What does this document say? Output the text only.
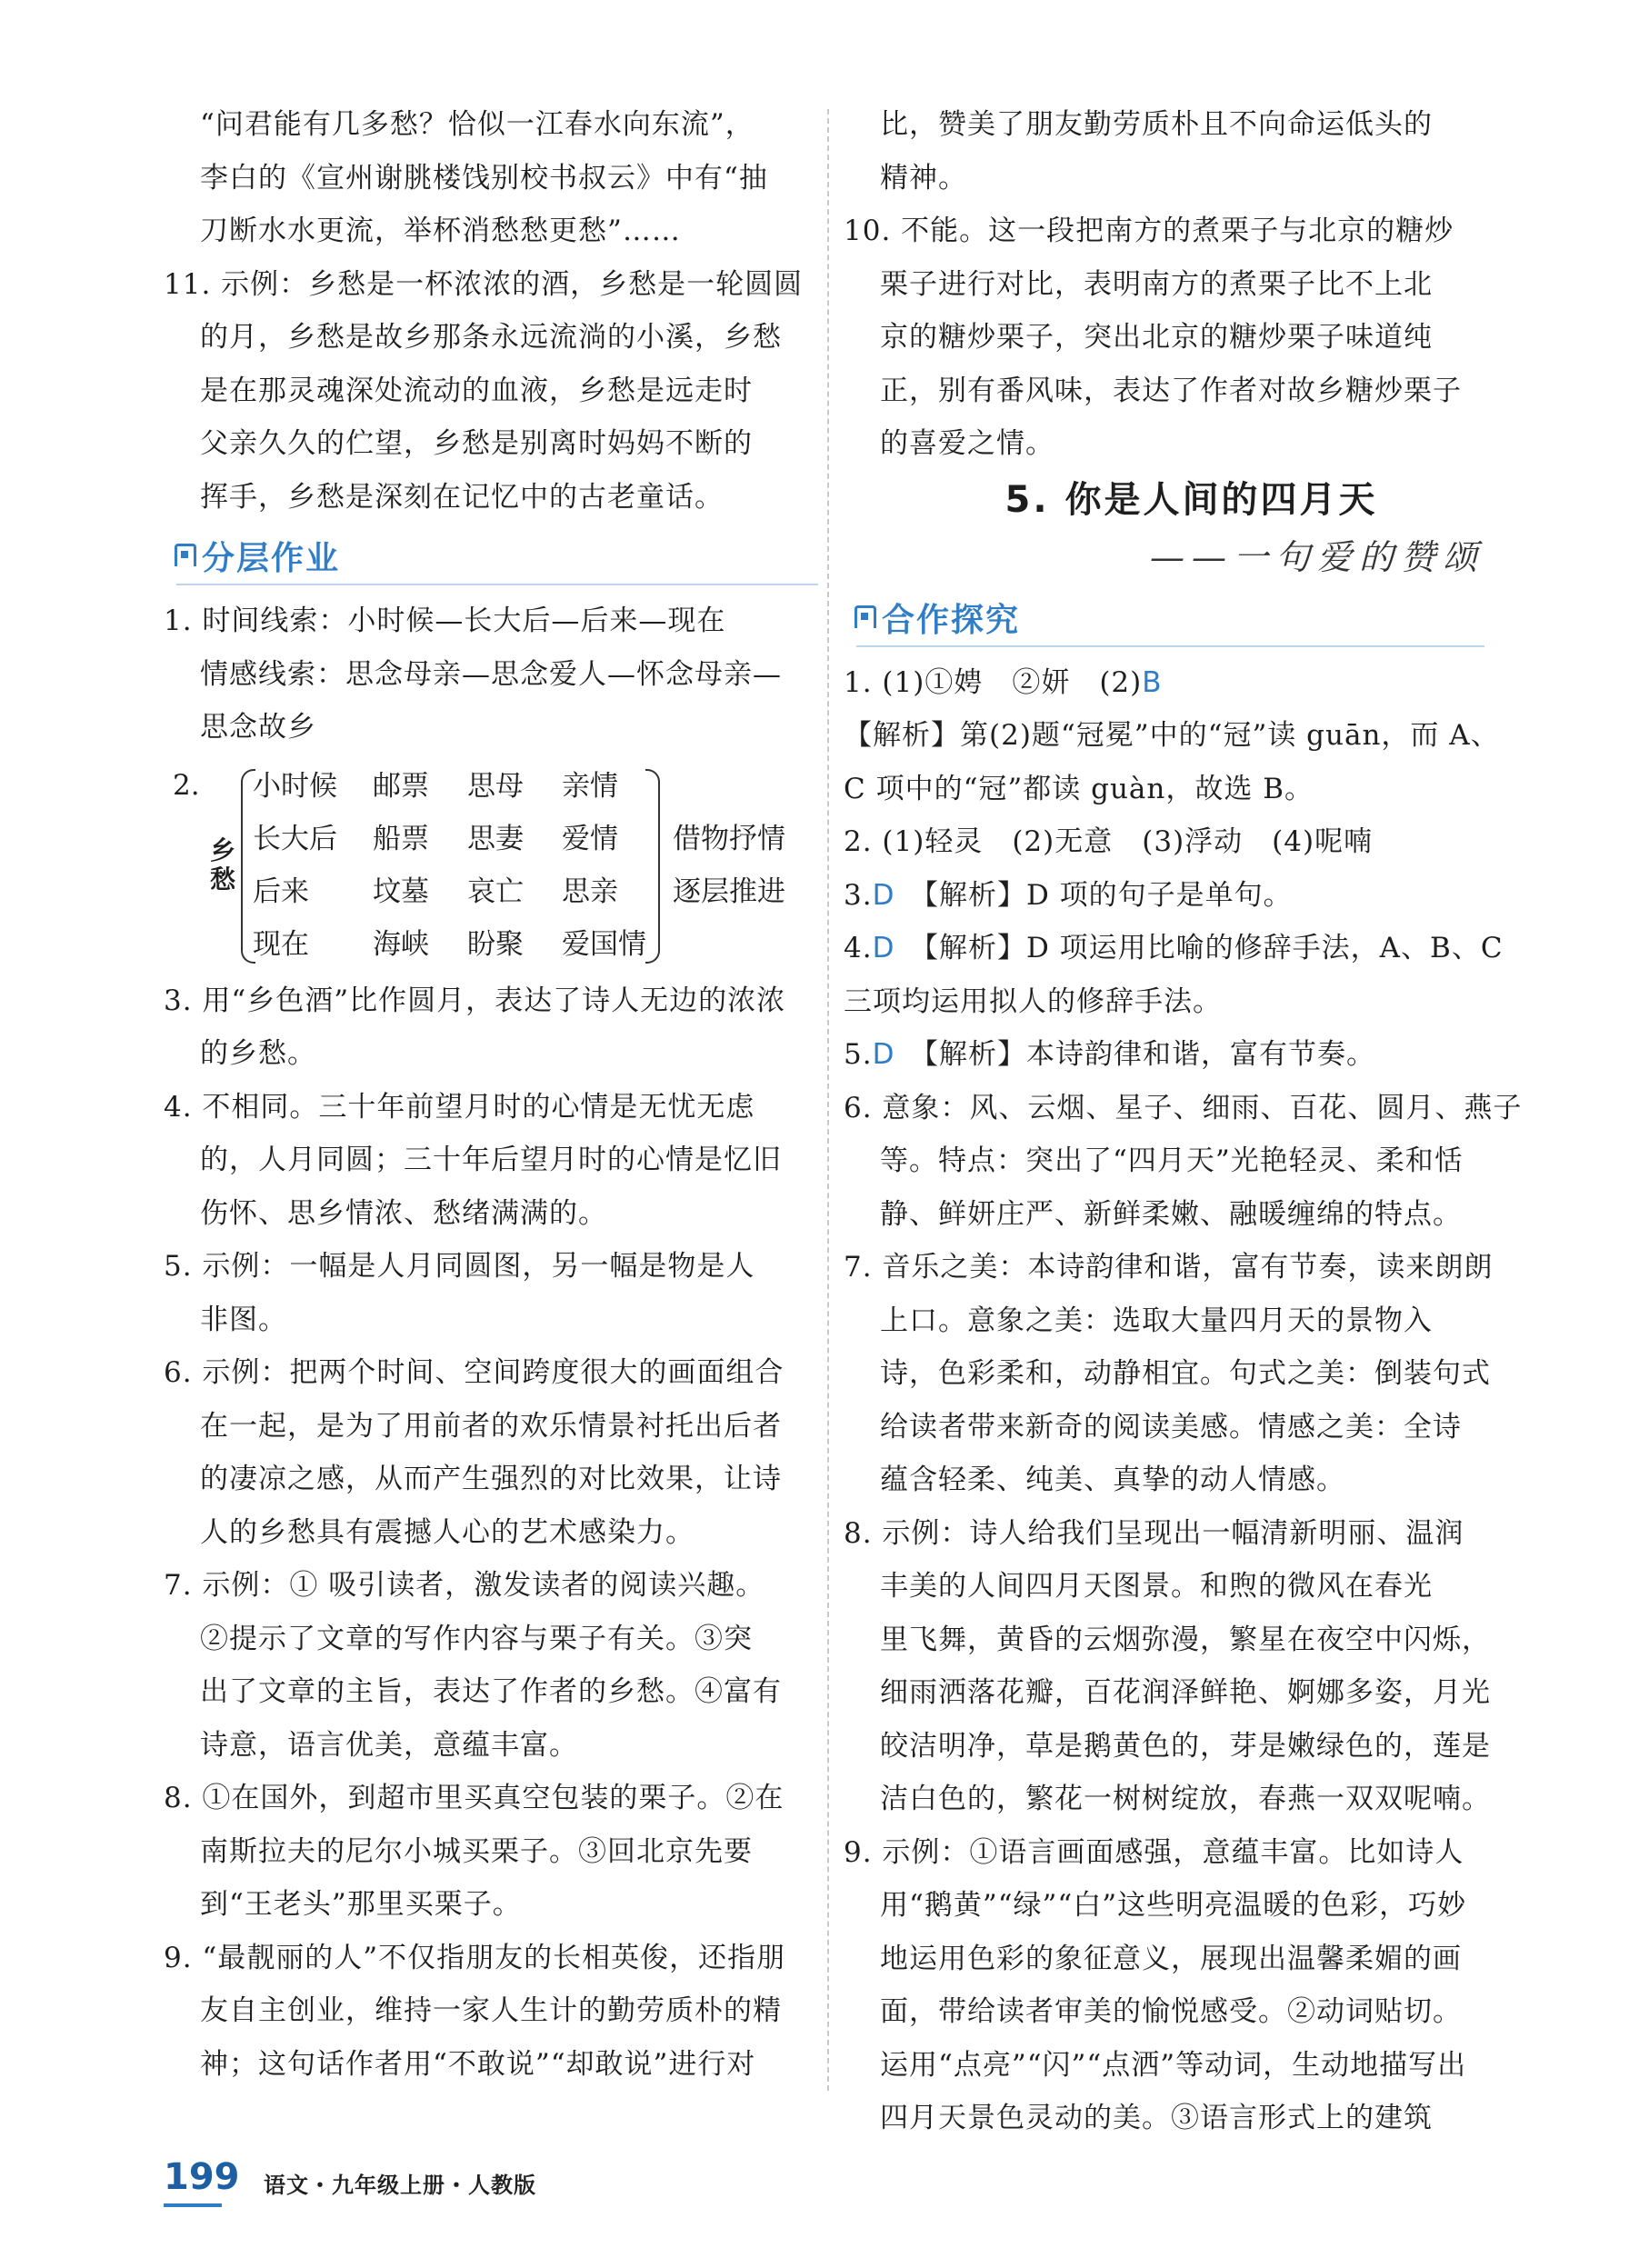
“问君能有几多愁？恰似一江春水向东流”，
李白的《宣州谢朓楼饯别校书叔云》中有“抽
刀断水水更流，举杯消愁愁更愁”……
11. 示例：乡愁是一杯浓浓的酒，乡愁是一轮圆圆
的月，乡愁是故乡那条永远流淌的小溪，乡愁
是在那灵魂深处流动的血液，乡愁是远走时
父亲久久的伫望，乡愁是别离时妈妈不断的
挥手，乡愁是深刻在记忆中的古老童话。
分层作业
1. 时间线索：小时候—长大后—后来—现在
情感线索：思念母亲—思念爱人—怀念母亲—
思念故乡
2.
乡愁
小时候 邮票 思母 亲情
长大后 船票 思妻 爱情
后来 坟墓 哀亡 思亲
现在 海峡 盼聚 爱国情
借物抒情
逐层推进
3. 用“乡色酒”比作圆月，表达了诗人无边的浓浓
的乡愁。
4. 不相同。三十年前望月时的心情是无忧无虑
的，人月同圆；三十年后望月时的心情是忆旧
伤怀、思乡情浓、愁绪满满的。
5. 示例：一幅是人月同圆图，另一幅是物是人
非图。
6. 示例：把两个时间、空间跨度很大的画面组合
在一起，是为了用前者的欢乐情景衬托出后者
的凄凉之感，从而产生强烈的对比效果，让诗
人的乡愁具有震撼人心的艺术感染力。
7. 示例：① 吸引读者，激发读者的阅读兴趣。
②提示了文章的写作内容与栗子有关。③突
出了文章的主旨，表达了作者的乡愁。④富有
诗意，语言优美，意蕴丰富。
8. ①在国外，到超市里买真空包装的栗子。②在
南斯拉夫的尼尔小城买栗子。③回北京先要
到“王老头”那里买栗子。
9. “最靓丽的人”不仅指朋友的长相英俊，还指朋
友自主创业，维持一家人生计的勤劳质朴的精
神；这句话作者用“不敢说”“却敢说”进行对
比，赞美了朋友勤劳质朴且不向命运低头的
精神。
10. 不能。这一段把南方的煮栗子与北京的糖炒
栗子进行对比，表明南方的煮栗子比不上北
京的糖炒栗子，突出北京的糖炒栗子味道纯
正，别有番风味，表达了作者对故乡糖炒栗子
的喜爱之情。
5. 你是人间的四月天
——一句爱的赞颂
合作探究
1. (1)①娉　②妍　(2)B
【解析】第(2)题“冠冕”中的“冠”读 guān，而 A、
C 项中的“冠”都读 guàn，故选 B。
2. (1)轻灵　(2)无意　(3)浮动　(4)呢喃
3.D　 【解析】D 项的句子是单句。
4.D　 【解析】D 项运用比喻的修辞手法，A、B、C
三项均运用拟人的修辞手法。
5.D　 【解析】本诗韵律和谐，富有节奏。
6. 意象：风、云烟、星子、细雨、百花、圆月、燕子
等。特点：突出了“四月天”光艳轻灵、柔和恬
静、鲜妍庄严、新鲜柔嫩、融暖缠绵的特点。
7. 音乐之美：本诗韵律和谐，富有节奏，读来朗朗
上口。意象之美：选取大量四月天的景物入
诗，色彩柔和，动静相宜。句式之美：倒装句式
给读者带来新奇的阅读美感。情感之美：全诗
蕴含轻柔、纯美、真挚的动人情感。
8. 示例：诗人给我们呈现出一幅清新明丽、温润
丰美的人间四月天图景。和煦的微风在春光
里飞舞，黄昏的云烟弥漫，繁星在夜空中闪烁，
细雨洒落花瓣，百花润泽鲜艳、婀娜多姿，月光
皎洁明净，草是鹅黄色的，芽是嫩绿色的，莲是
洁白色的，繁花一树树绽放，春燕一双双呢喃。
9. 示例：①语言画面感强，意蕴丰富。比如诗人
用“鹅黄”“绿”“白”这些明亮温暖的色彩，巧妙
地运用色彩的象征意义，展现出温馨柔媚的画
面，带给读者审美的愉悦感受。②动词贴切。
运用“点亮”“闪”“点洒”等动词，生动地描写出
四月天景色灵动的美。③语言形式上的建筑
199 语文・九年级上册・人教版
